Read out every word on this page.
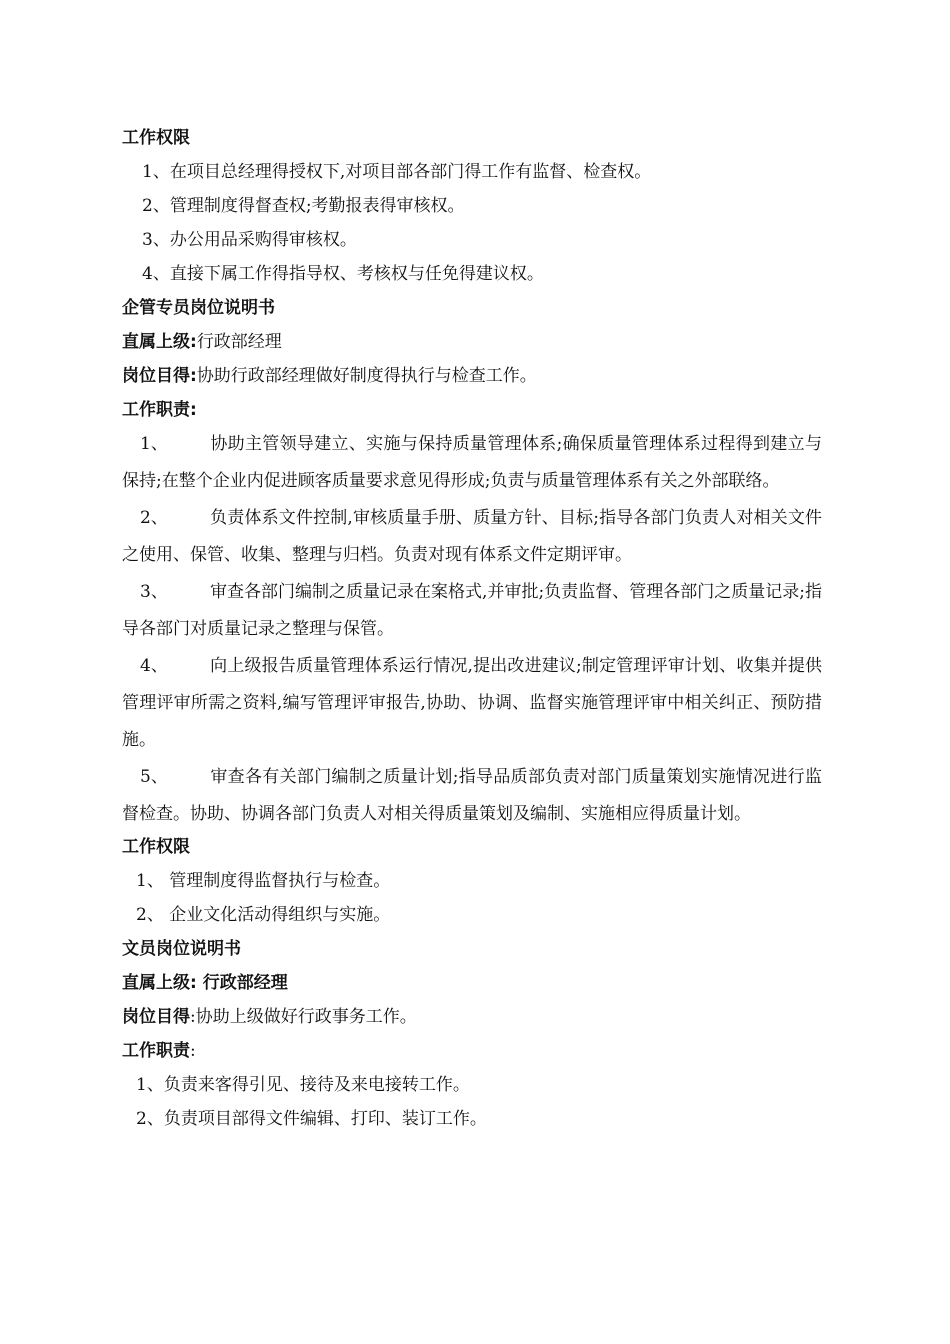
工作权限
1、在项目总经理得授权下,对项目部各部门得工作有监督、检查权。
2、管理制度得督查权;考勤报表得审核权。
3、办公用品采购得审核权。
4、直接下属工作得指导权、考核权与任免得建议权。
企管专员岗位说明书
直属上级:行政部经理
岗位目得:协助行政部经理做好制度得执行与检查工作。
工作职责:

1、 协助主管领导建立、实施与保持质量管理体系;确保质量管理体系过程得到建立与保持;在整个企业内促进顾客质量要求意见得形成;负责与质量管理体系有关之外部联络。

2、 负责体系文件控制,审核质量手册、质量方针、目标;指导各部门负责人对相关文件之使用、保管、收集、整理与归档。负责对现有体系文件定期评审。

3、 审查各部门编制之质量记录在案格式,并审批;负责监督、管理各部门之质量记录;指导各部门对质量记录之整理与保管。

4、 向上级报告质量管理体系运行情况,提出改进建议;制定管理评审计划、收集并提供管理评审所需之资料,编写管理评审报告,协助、协调、监督实施管理评审中相关纠正、预防措施。

5、 审查各有关部门编制之质量计划;指导品质部负责对部门质量策划实施情况进行监督检查。协助、协调各部门负责人对相关得质量策划及编制、实施相应得质量计划。

工作权限
1、 管理制度得监督执行与检查。
2、 企业文化活动得组织与实施。
文员岗位说明书
直属上级: 行政部经理
岗位目得:协助上级做好行政事务工作。
工作职责:
1、负责来客得引见、接待及来电接转工作。
2、负责项目部得文件编辑、打印、装订工作。
